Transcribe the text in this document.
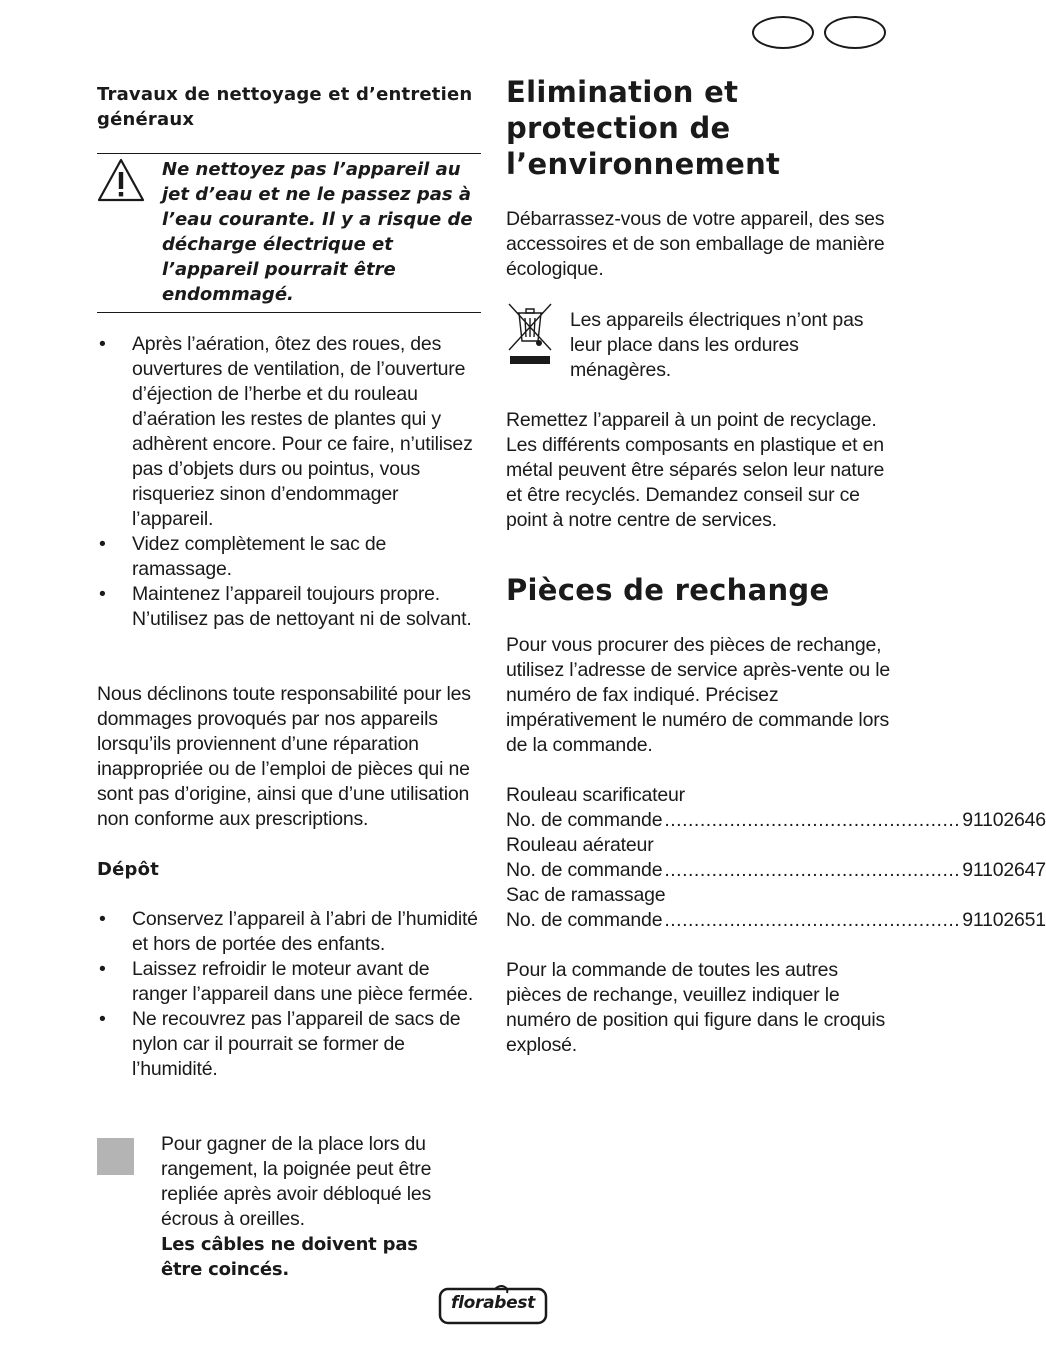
Travaux de nettoyage et d’entretien généraux
Ne nettoyez pas l’appareil au jet d’eau et ne le passez pas à l’eau courante. Il y a risque de décharge électrique et l’appareil pourrait être endommagé.
• Après l’aération, ôtez des roues, des ouvertures de ventilation, de l’ouverture d’éjection de l’herbe et du rouleau d’aération les restes de plantes qui y adhèrent encore. Pour ce faire, n’utilisez pas d’objets durs ou pointus, vous risqueriez sinon d’endommager l’appareil.
• Videz complètement le sac de ramassage.
• Maintenez l’appareil toujours propre. N’utilisez pas de nettoyant ni de solvant.
Nous déclinons toute responsabilité pour les dommages provoqués par nos appareils lorsqu’ils proviennent d’une réparation inappropriée ou de l’emploi de pièces qui ne sont pas d’origine, ainsi que d’une utilisation non conforme aux prescriptions.
Dépôt
• Conservez l’appareil à l’abri de l’humidité et hors de portée des enfants.
• Laissez refroidir le moteur avant de ranger l’appareil dans une pièce fermée.
• Ne recouvrez pas l’appareil de sacs de nylon car il pourrait se former de l’humidité.
Pour gagner de la place lors du rangement, la poignée peut être repliée après avoir débloqué les écrous à oreilles.
Les câbles ne doivent pas être coincés.
Elimination et protection de l’environnement
Débarrassez-vous de votre appareil, des ses accessoires et de son emballage de manière écologique.
Les appareils électriques n’ont pas leur place dans les ordures ménagères.
Remettez l’appareil à un point de recyclage. Les différents composants en plastique et en métal peuvent être séparés selon leur nature et être recyclés. Demandez conseil sur ce point à notre centre de services.
Pièces de rechange
Pour vous procurer des pièces de rechange, utilisez l’adresse de service après-vente ou le numéro de fax indiqué. Précisez impérativement le numéro de commande lors de la commande.
Rouleau scarificateur
No. de commande .................................................. 91102646
Rouleau aérateur
No. de commande .................................................. 91102647
Sac de ramassage
No. de commande .................................................. 91102651
Pour la commande de toutes les autres pièces de rechange, veuillez indiquer le numéro de position qui figure dans le croquis explosé.
florabest
